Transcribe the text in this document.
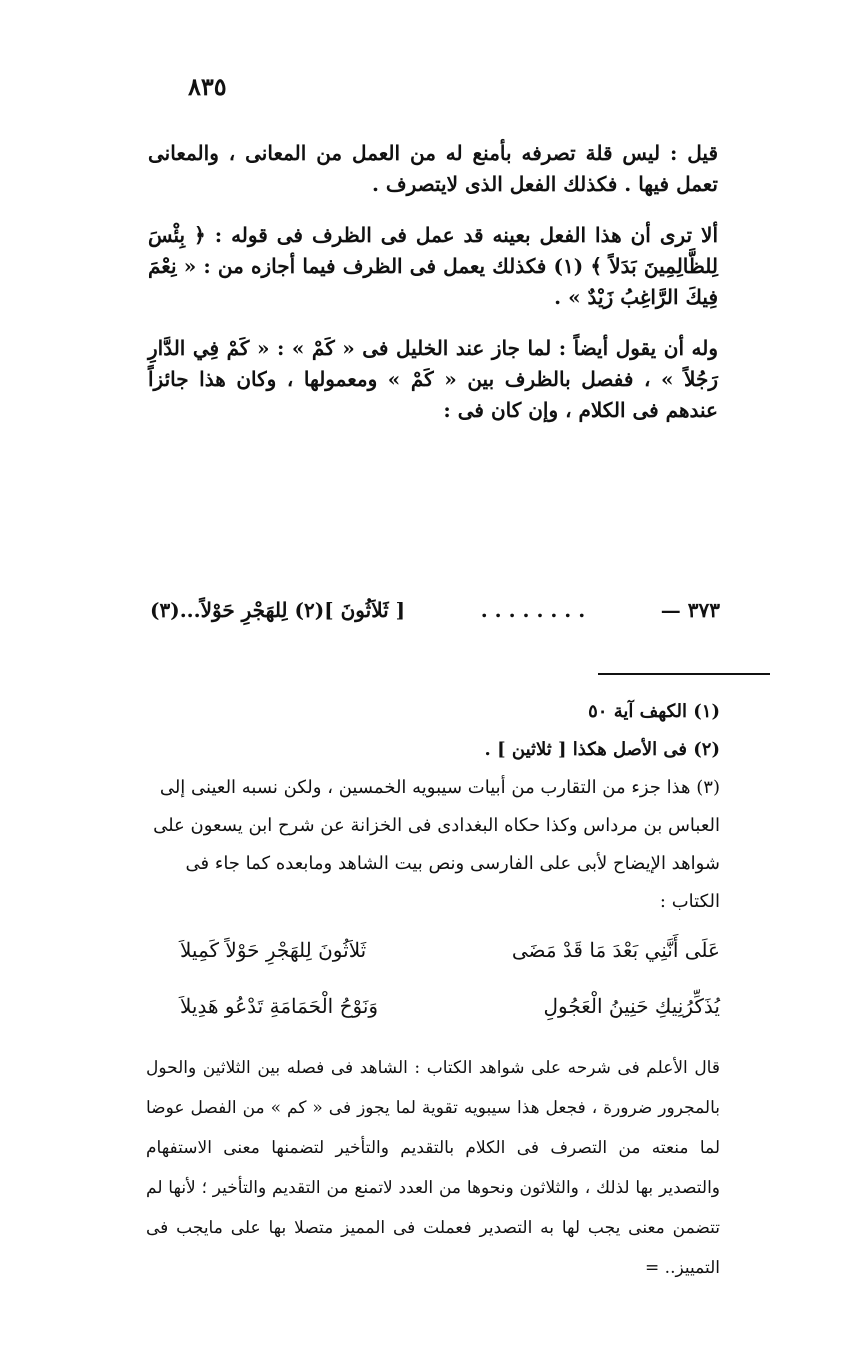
٨٣٥

قيل : ليس قلة تصرفه بأمنع له من العمل من المعانى ، والمعانى تعمل فيها . فكذلك الفعل الذى لايتصرف .

ألا ترى أن هذا الفعل بعينه قد عمل فى الظرف فى قوله : ﴿ بِئْسَ لِلظَّالِمِينَ بَدَلاً ﴾ (١) فكذلك يعمل فى الظرف فيما أجازه من : « نِعْمَ فِيكَ الرَّاغِبُ زَيْدٌ » .

وله أن يقول أيضاً : لما جاز عند الخليل فى « كَمْ » : « كَمْ فِي الدَّارِ رَجُلاً » ، ففصل بالظرف بين « كَمْ » ومعمولها ، وكان هذا جائزاً عندهم فى الكلام ، وإن كان فى :

٣٧٣ —
. . . . . . . .
[ ثَلاَثُونَ ](٢) لِلهَجْرِ حَوْلاً...(٣)

(١) الكهف آية ٥٠

(٢) فى الأصل هكذا [ ثلاثين ] .

(٣) هذا جزء من التقارب من أبيات سيبويه الخمسين ، ولكن نسبه العينى إلى العباس بن مرداس وكذا حكاه البغدادى فى الخزانة عن شرح ابن يسعون على شواهد الإيضاح لأبى على الفارسى ونص بيت الشاهد ومابعده كما جاء فى الكتاب :

عَلَى أَنَّنِي بَعْدَ مَا قَدْ مَضَى
ثَلاَثُونَ لِلهَجْرِ حَوْلاً كَمِيلاَ
يُذَكِّرُنِيكِ حَنِينُ الْعَجُولِ
وَنَوْحُ الْحَمَامَةِ تَدْعُو هَدِيلاَ

قال الأعلم فى شرحه على شواهد الكتاب : الشاهد فى فصله بين الثلاثين والحول بالمجرور ضرورة ، فجعل هذا سيبويه تقوية لما يجوز فى « كم » من الفصل عوضا لما منعته من التصرف فى الكلام بالتقديم والتأخير لتضمنها معنى الاستفهام والتصدير بها لذلك ، والثلاثون ونحوها من العدد لاتمنع من التقديم والتأخير ؛ لأنها لم تتضمن معنى يجب لها به التصدير فعملت فى المميز متصلا بها على مايجب فى التمييز.. =
